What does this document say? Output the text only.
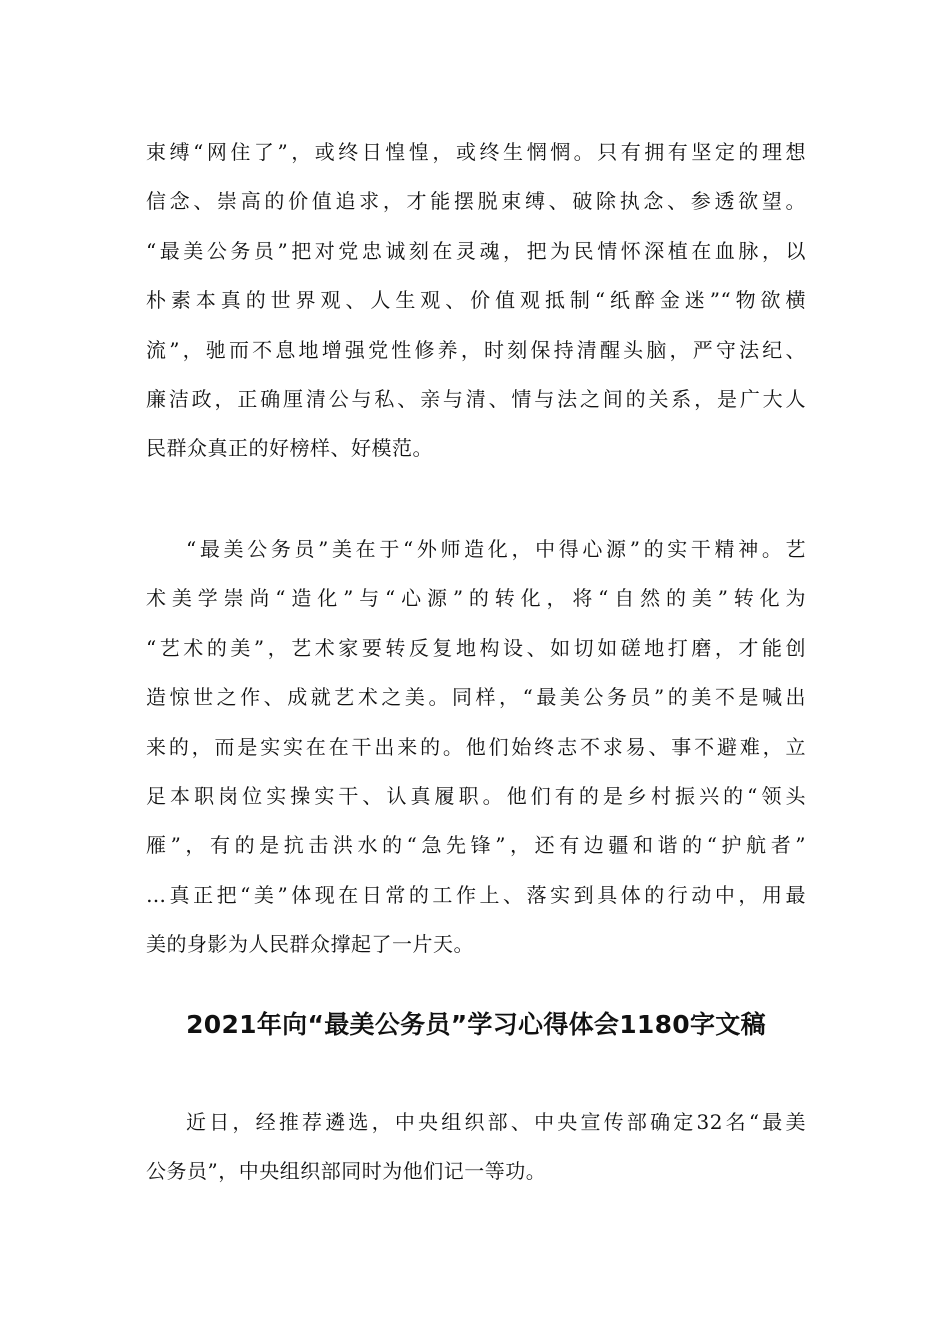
束缚“网住了”，或终日惶惶，或终生惘惘。只有拥有坚定的理想
信念、崇高的价值追求，才能摆脱束缚、破除执念、参透欲望。
“最美公务员”把对党忠诚刻在灵魂，把为民情怀深植在血脉，以
朴素本真的世界观、人生观、价值观抵制“纸醉金迷”“物欲横
流”，驰而不息地增强党性修养，时刻保持清醒头脑，严守法纪、
廉洁政，正确厘清公与私、亲与清、情与法之间的关系，是广大人
民群众真正的好榜样、好模范。
“最美公务员”美在于“外师造化，中得心源”的实干精神。艺
术美学崇尚“造化”与“心源”的转化，将“自然的美”转化为
“艺术的美”，艺术家要转反复地构设、如切如磋地打磨，才能创
造惊世之作、成就艺术之美。同样，“最美公务员”的美不是喊出
来的，而是实实在在干出来的。他们始终志不求易、事不避难，立
足本职岗位实操实干、认真履职。他们有的是乡村振兴的“领头
雁”，有的是抗击洪水的“急先锋”，还有边疆和谐的“护航者”
…真正把“美”体现在日常的工作上、落实到具体的行动中，用最
美的身影为人民群众撑起了一片天。
2021年向“最美公务员”学习心得体会1180字文稿
近日，经推荐遴选，中央组织部、中央宣传部确定32名“最美
公务员”，中央组织部同时为他们记一等功。
